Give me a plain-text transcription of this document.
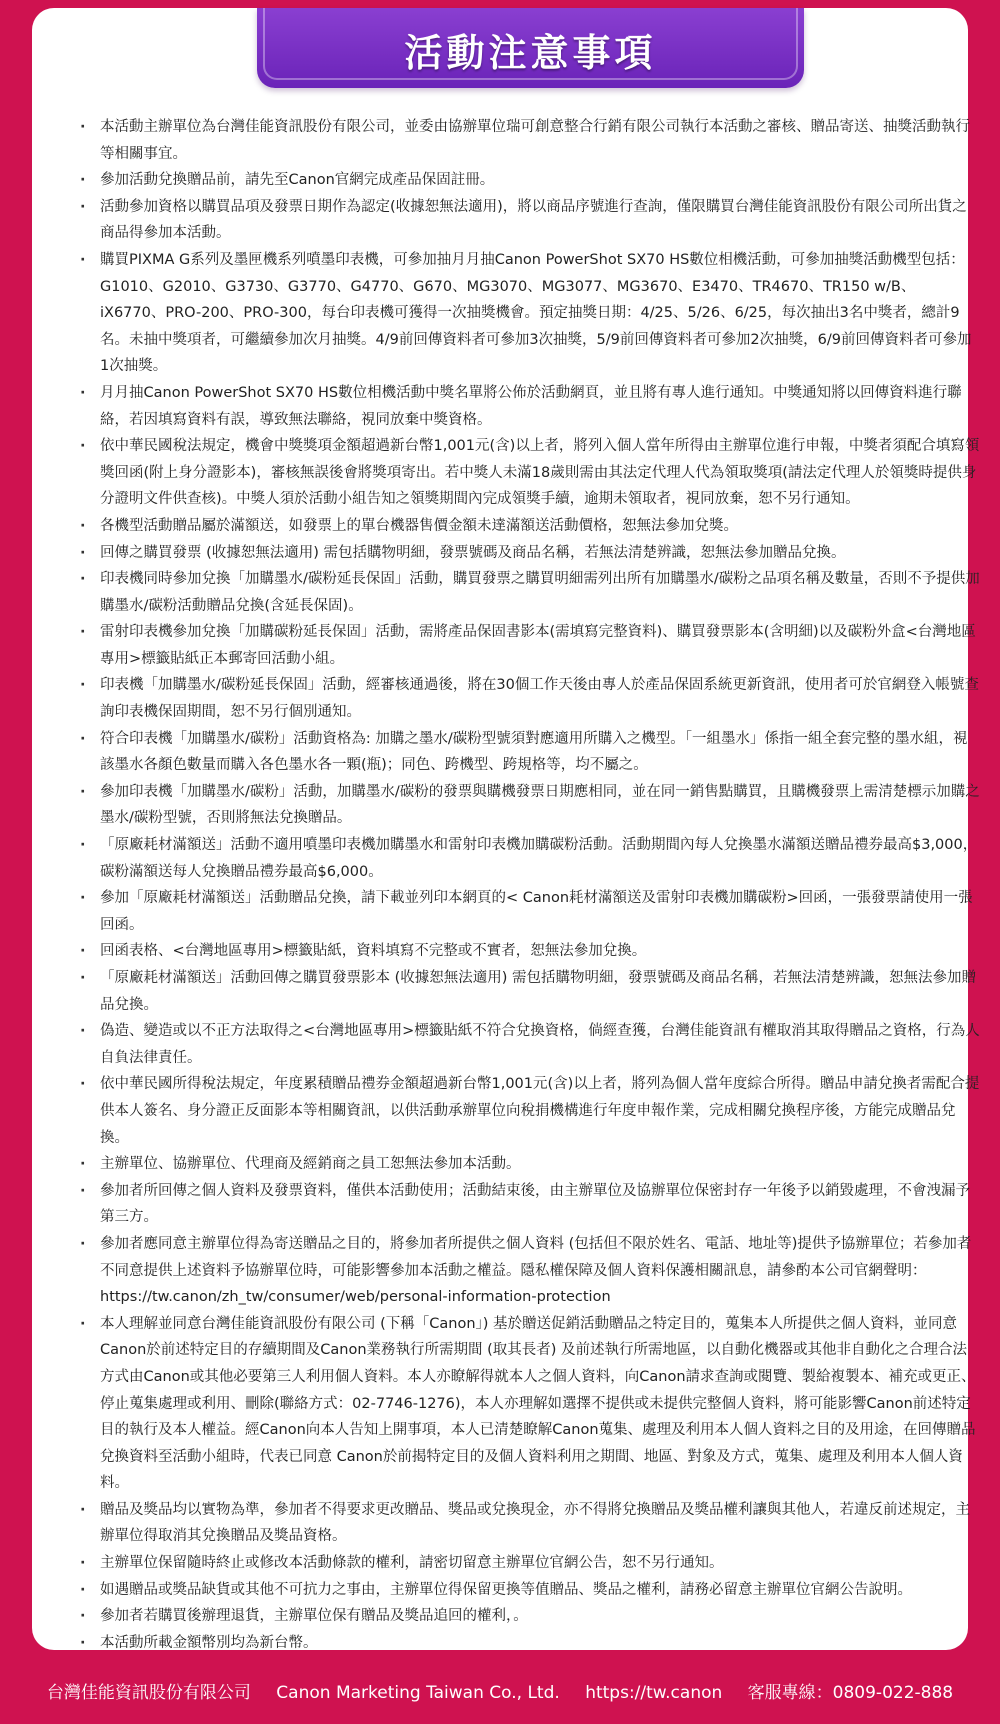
活動注意事項
· 本活動主辦單位為台灣佳能資訊股份有限公司，並委由協辦單位瑞可創意整合行銷有限公司執行本活動之審核、贈品寄送、抽獎活動執行等相關事宜。
· 參加活動兌換贈品前，請先至Canon官網完成產品保固註冊。
· 活動參加資格以購買品項及發票日期作為認定(收據恕無法適用)，將以商品序號進行查詢，僅限購買台灣佳能資訊股份有限公司所出貨之商品得參加本活動。
· 購買PIXMA G系列及墨匣機系列噴墨印表機，可參加抽月月抽Canon PowerShot SX70 HS數位相機活動，可參加抽獎活動機型包括：G1010、G2010、G3730、G3770、G4770、G670、MG3070、MG3077、MG3670、E3470、TR4670、TR150 w/B、iX6770、PRO-200、PRO-300，每台印表機可獲得一次抽獎機會。預定抽獎日期：4/25、5/26、6/25，每次抽出3名中獎者，總計9名。未抽中獎項者，可繼續參加次月抽獎。4/9前回傳資料者可參加3次抽獎，5/9前回傳資料者可參加2次抽獎，6/9前回傳資料者可參加1次抽獎。
· 月月抽Canon PowerShot SX70 HS數位相機活動中獎名單將公佈於活動網頁，並且將有專人進行通知。中獎通知將以回傳資料進行聯絡，若因填寫資料有誤，導致無法聯絡，視同放棄中獎資格。
· 依中華民國稅法規定，機會中獎獎項金額超過新台幣1,001元(含)以上者，將列入個人當年所得由主辦單位進行申報，中獎者須配合填寫領獎回函(附上身分證影本)，審核無誤後會將獎項寄出。若中獎人未滿18歲則需由其法定代理人代為領取獎項(請法定代理人於領獎時提供身分證明文件供查核)。中獎人須於活動小組告知之領獎期間內完成領獎手續，逾期未領取者，視同放棄，恕不另行通知。
· 各機型活動贈品屬於滿額送，如發票上的單台機器售價金額未達滿額送活動價格，恕無法參加兌獎。
· 回傳之購買發票 (收據恕無法適用) 需包括購物明細，發票號碼及商品名稱，若無法清楚辨識，恕無法參加贈品兌換。
· 印表機同時參加兌換「加購墨水/碳粉延長保固」活動，購買發票之購買明細需列出所有加購墨水/碳粉之品項名稱及數量，否則不予提供加購墨水/碳粉活動贈品兌換(含延長保固)。
· 雷射印表機參加兌換「加購碳粉延長保固」活動，需將產品保固書影本(需填寫完整資料)、購買發票影本(含明細)以及碳粉外盒<台灣地區專用>標籤貼紙正本郵寄回活動小組。
· 印表機「加購墨水/碳粉延長保固」活動，經審核通過後，將在30個工作天後由專人於產品保固系統更新資訊，使用者可於官網登入帳號查詢印表機保固期間，恕不另行個別通知。
· 符合印表機「加購墨水/碳粉」活動資格為: 加購之墨水/碳粉型號須對應適用所購入之機型。「一組墨水」係指一組全套完整的墨水組，視該墨水各顏色數量而購入各色墨水各一顆(瓶)；同色、跨機型、跨規格等，均不屬之。
· 參加印表機「加購墨水/碳粉」活動，加購墨水/碳粉的發票與購機發票日期應相同，並在同一銷售點購買，且購機發票上需清楚標示加購之墨水/碳粉型號，否則將無法兌換贈品。
· 「原廠耗材滿額送」活動不適用噴墨印表機加購墨水和雷射印表機加購碳粉活動。活動期間內每人兌換墨水滿額送贈品禮券最高$3,000，碳粉滿額送每人兌換贈品禮券最高$6,000。
· 參加「原廠耗材滿額送」活動贈品兌換，請下載並列印本網頁的< Canon耗材滿額送及雷射印表機加購碳粉>回函，一張發票請使用一張回函。
· 回函表格、<台灣地區專用>標籤貼紙，資料填寫不完整或不實者，恕無法參加兌換。
· 「原廠耗材滿額送」活動回傳之購買發票影本 (收據恕無法適用) 需包括購物明細，發票號碼及商品名稱，若無法清楚辨識，恕無法參加贈品兌換。
· 偽造、變造或以不正方法取得之<台灣地區專用>標籤貼紙不符合兌換資格，倘經查獲，台灣佳能資訊有權取消其取得贈品之資格，行為人自負法律責任。
· 依中華民國所得稅法規定，年度累積贈品禮券金額超過新台幣1,001元(含)以上者，將列為個人當年度綜合所得。贈品申請兌換者需配合提供本人簽名、身分證正反面影本等相關資訊，以供活動承辦單位向稅捐機構進行年度申報作業，完成相關兌換程序後，方能完成贈品兌換。
· 主辦單位、協辦單位、代理商及經銷商之員工恕無法參加本活動。
· 參加者所回傳之個人資料及發票資料，僅供本活動使用；活動結束後，由主辦單位及協辦單位保密封存一年後予以銷毀處理，不會洩漏予第三方。
· 參加者應同意主辦單位得為寄送贈品之目的，將參加者所提供之個人資料 (包括但不限於姓名、電話、地址等)提供予協辦單位；若參加者不同意提供上述資料予協辦單位時，可能影響參加本活動之權益。隱私權保障及個人資料保護相關訊息，請參酌本公司官網聲明：https://tw.canon/zh_tw/consumer/web/personal-information-protection
· 本人理解並同意台灣佳能資訊股份有限公司 (下稱「Canon」) 基於贈送促銷活動贈品之特定目的，蒐集本人所提供之個人資料，並同意Canon於前述特定目的存續期間及Canon業務執行所需期間 (取其長者) 及前述執行所需地區，以自動化機器或其他非自動化之合理合法方式由Canon或其他必要第三人利用個人資料。本人亦瞭解得就本人之個人資料，向Canon請求查詢或閱覽、製給複製本、補充或更正、停止蒐集處理或利用、刪除(聯絡方式：02-7746-1276)，本人亦理解如選擇不提供或未提供完整個人資料，將可能影響Canon前述特定目的執行及本人權益。經Canon向本人告知上開事項，本人已清楚瞭解Canon蒐集、處理及利用本人個人資料之目的及用途，在回傳贈品兌換資料至活動小組時，代表已同意 Canon於前揭特定目的及個人資料利用之期間、地區、對象及方式，蒐集、處理及利用本人個人資料。
· 贈品及獎品均以實物為準，參加者不得要求更改贈品、獎品或兌換現金，亦不得將兌換贈品及獎品權利讓與其他人，若違反前述規定，主辦單位得取消其兌換贈品及獎品資格。
· 主辦單位保留隨時終止或修改本活動條款的權利，請密切留意主辦單位官網公告，恕不另行通知。
· 如遇贈品或獎品缺貨或其他不可抗力之事由，主辦單位得保留更換等值贈品、獎品之權利，請務必留意主辦單位官網公告說明。
· 參加者若購買後辦理退貨，主辦單位保有贈品及獎品追回的權利，。
· 本活動所載金額幣別均為新台幣。
台灣佳能資訊股份有限公司 Canon Marketing Taiwan Co., Ltd. https://tw.canon 客服專線：0809-022-888
